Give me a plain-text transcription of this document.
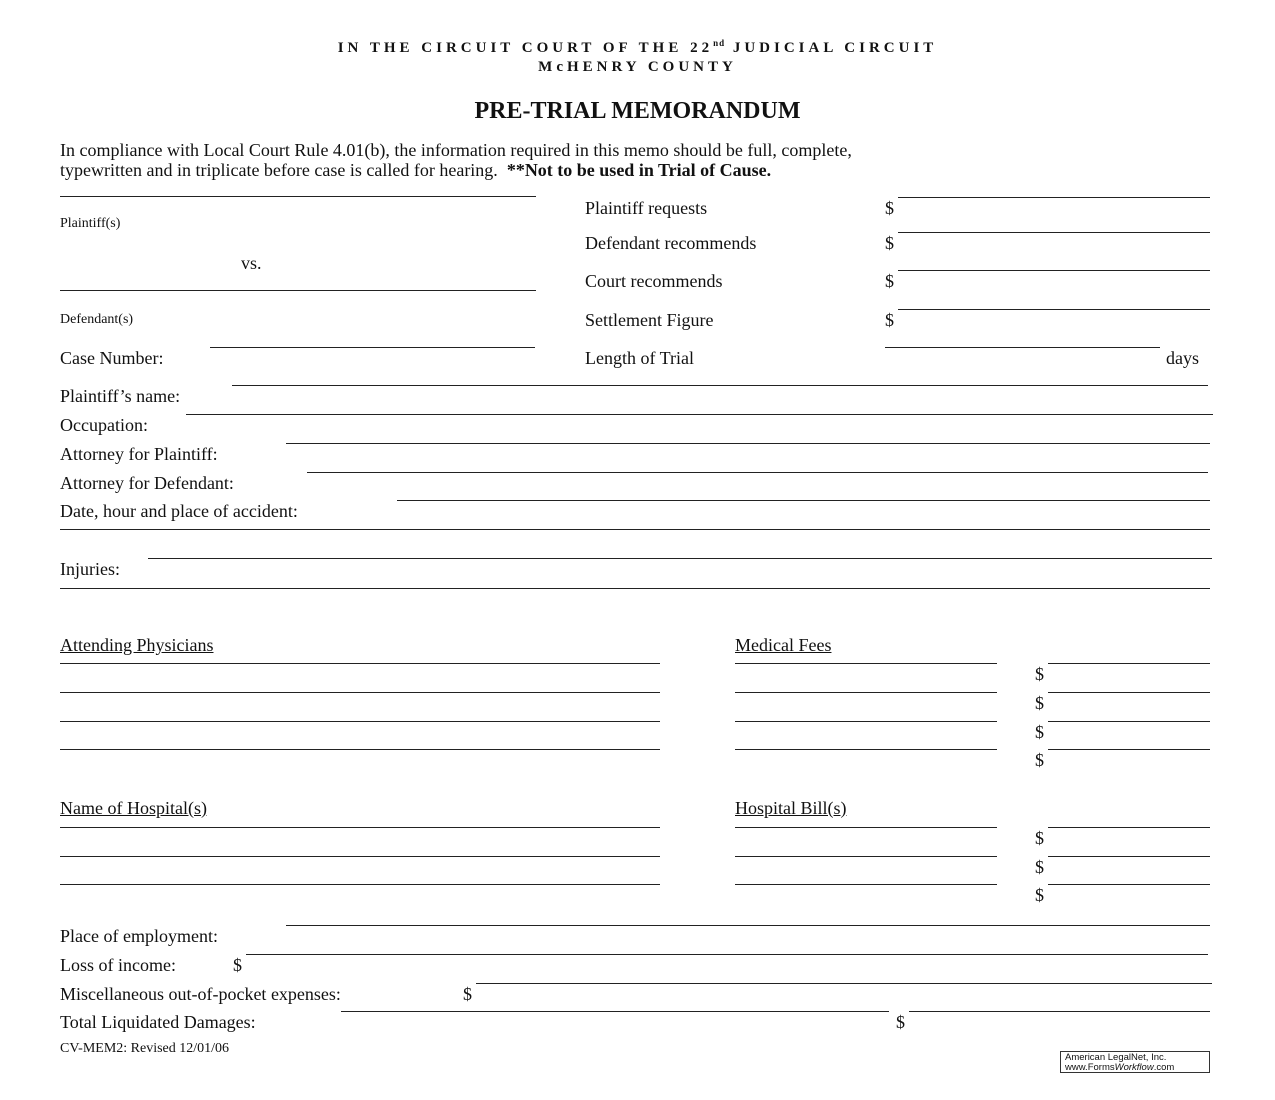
IN THE CIRCUIT COURT OF THE 22nd JUDICIAL CIRCUIT
McHENRY COUNTY
PRE-TRIAL MEMORANDUM
In compliance with Local Court Rule 4.01(b), the information required in this memo should be full, complete,
typewritten and in triplicate before case is called for hearing. **Not to be used in Trial of Cause.
Plaintiff(s)
vs.
Defendant(s)
Case Number:
Plaintiff requests	$
Defendant recommends	$
Court recommends	$
Settlement Figure	$
Length of Trial	days
Plaintiff’s name:
Occupation:
Attorney for Plaintiff:
Attorney for Defendant:
Date, hour and place of accident:
Injuries:
Attending Physicians	Medical Fees
$
$
$
$
Name of Hospital(s)	Hospital Bill(s)
$
$
$
Place of employment:
Loss of income:	$
Miscellaneous out-of-pocket expenses:	$
Total Liquidated Damages:	$
CV-MEM2: Revised 12/01/06
American LegalNet, Inc.
www.FormsWorkflow.com
